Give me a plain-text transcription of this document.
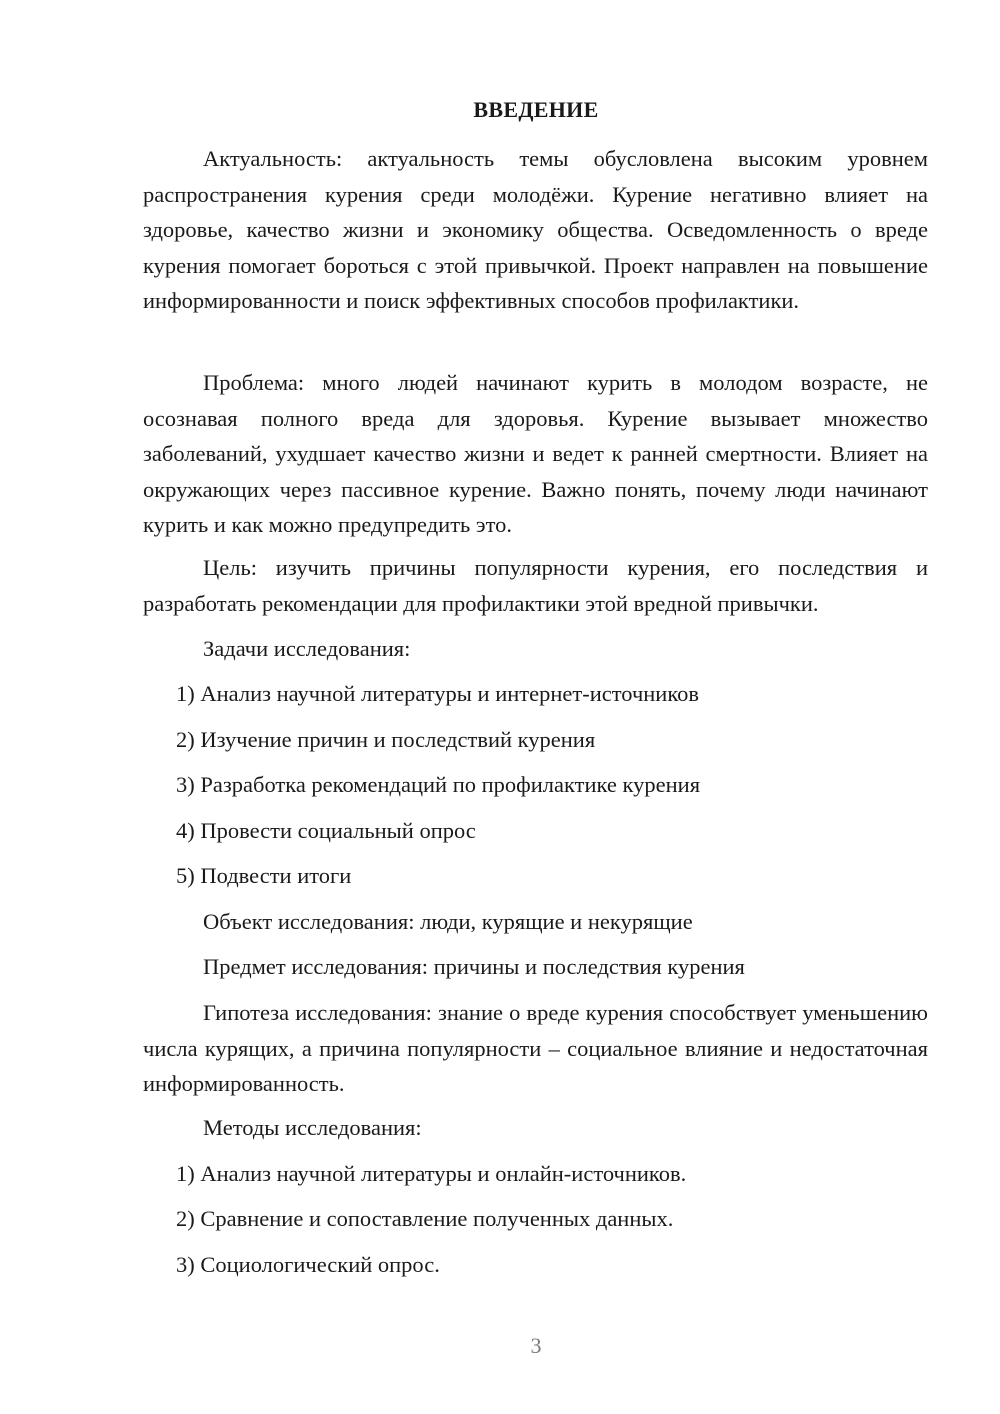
ВВЕДЕНИЕ

Актуальность: актуальность темы обусловлена высоким уровнем распространения курения среди молодёжи. Курение негативно влияет на здоровье, качество жизни и экономику общества. Осведомленность о вреде курения помогает бороться с этой привычкой. Проект направлен на повышение информированности и поиск эффективных способов профилактики.

Проблема: много людей начинают курить в молодом возрасте, не осознавая полного вреда для здоровья. Курение вызывает множество заболеваний, ухудшает качество жизни и ведет к ранней смертности. Влияет на окружающих через пассивное курение. Важно понять, почему люди начинают курить и как можно предупредить это.

Цель: изучить причины популярности курения, его последствия и разработать рекомендации для профилактики этой вредной привычки.

Задачи исследования:

1) Анализ научной литературы и интернет-источников

2) Изучение причин и последствий курения

3) Разработка рекомендаций по профилактике курения

4) Провести социальный опрос

5) Подвести итоги

Объект исследования: люди, курящие и некурящие

Предмет исследования: причины и последствия курения

Гипотеза исследования: знание о вреде курения способствует уменьшению числа курящих, а причина популярности – социальное влияние и недостаточная информированность.

Методы исследования:

1) Анализ научной литературы и онлайн-источников.

2) Сравнение и сопоставление полученных данных.

3) Социологический опрос.

3
